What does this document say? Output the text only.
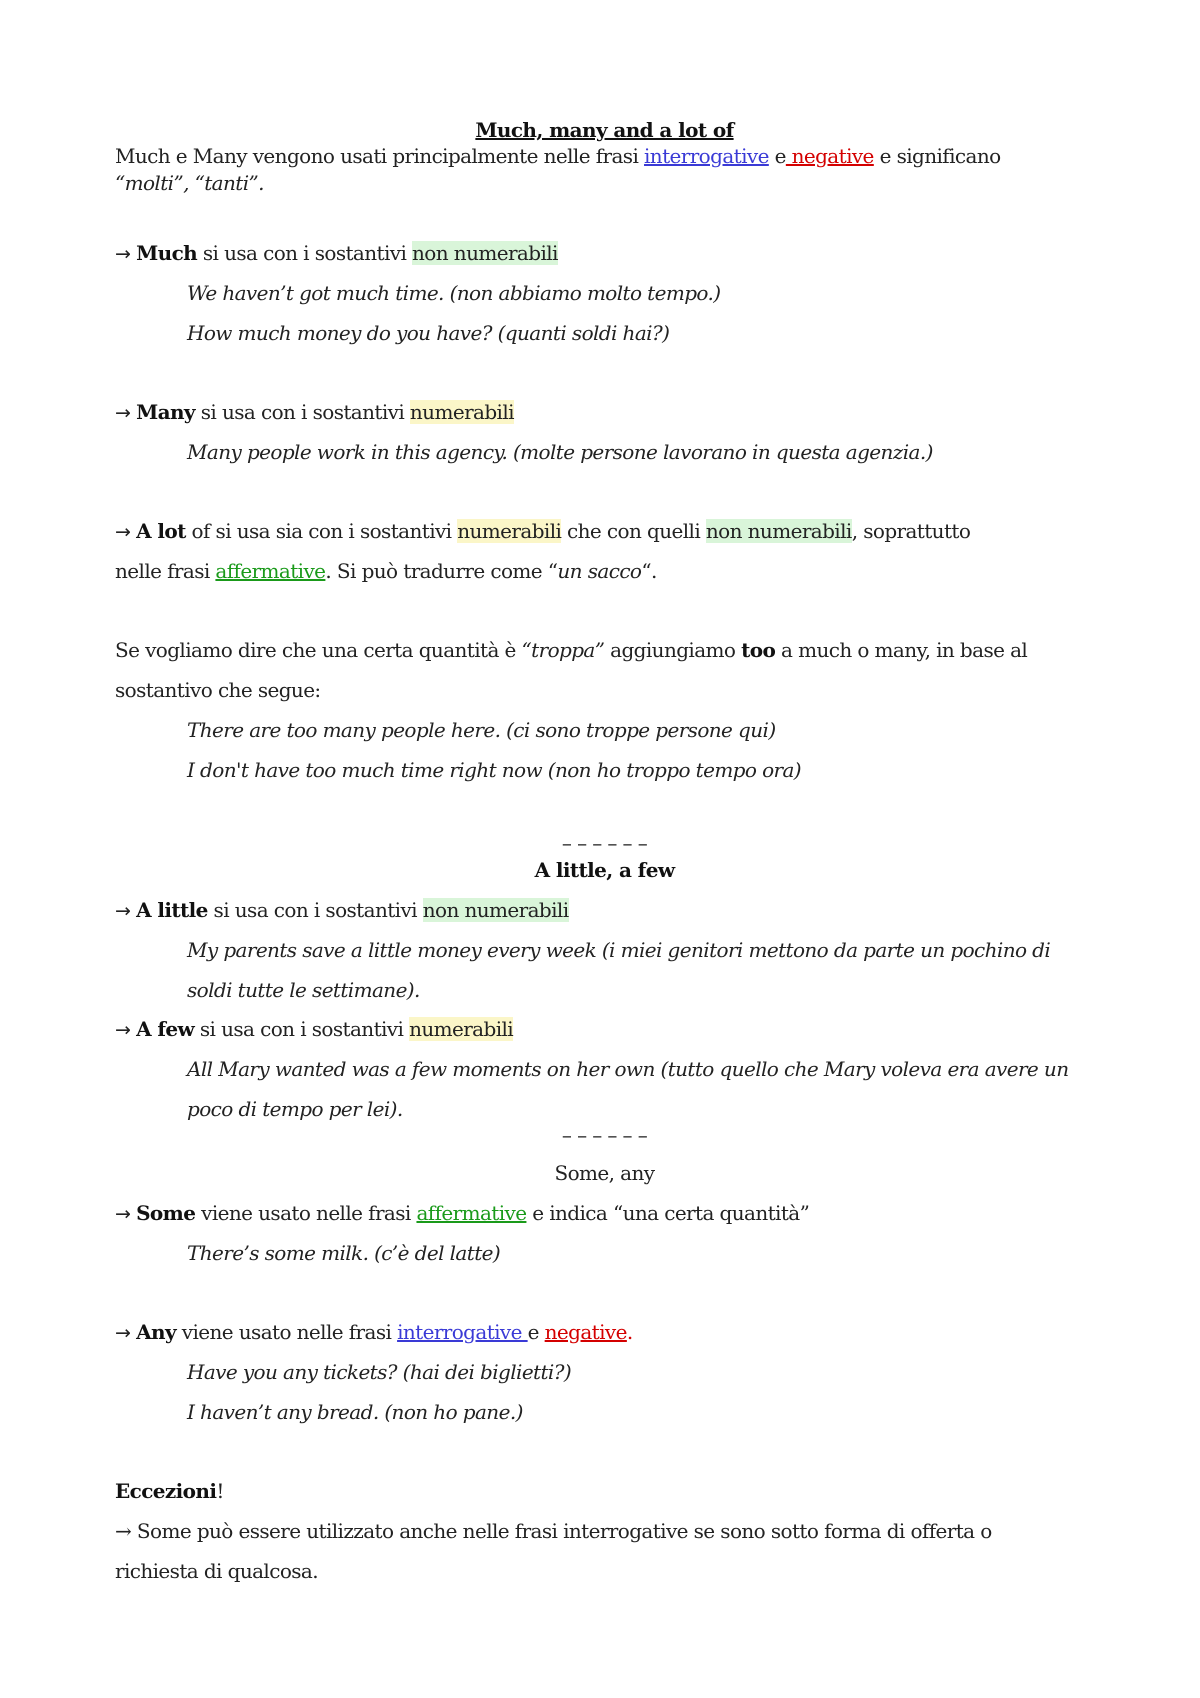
Much, many and a lot of
Much e Many vengono usati principalmente nelle frasi interrogative e negative e significano
“molti”, “tanti”.
→ Much si usa con i sostantivi non numerabili
We haven’t got much time. (non abbiamo molto tempo.)
How much money do you have? (quanti soldi hai?)
→ Many si usa con i sostantivi numerabili
Many people work in this agency. (molte persone lavorano in questa agenzia.)
→ A lot of si usa sia con i sostantivi numerabili che con quelli non numerabili, soprattutto
nelle frasi affermative. Si può tradurre come “un sacco“.
Se vogliamo dire che una certa quantità è “troppa” aggiungiamo too a much o many, in base al
sostantivo che segue:
There are too many people here. (ci sono troppe persone qui)
I don't have too much time right now (non ho troppo tempo ora)
– – – – – –
A little, a few
→ A little si usa con i sostantivi non numerabili
My parents save a little money every week (i miei genitori mettono da parte un pochino di
soldi tutte le settimane).
→ A few si usa con i sostantivi numerabili
All Mary wanted was a few moments on her own (tutto quello che Mary voleva era avere un
poco di tempo per lei).
– – – – – –
Some, any
→ Some viene usato nelle frasi affermative e indica “una certa quantità”
There’s some milk. (c’è del latte)
→ Any viene usato nelle frasi interrogative e negative.
Have you any tickets? (hai dei biglietti?)
I haven’t any bread. (non ho pane.)
Eccezioni!
→ Some può essere utilizzato anche nelle frasi interrogative se sono sotto forma di offerta o
richiesta di qualcosa.
